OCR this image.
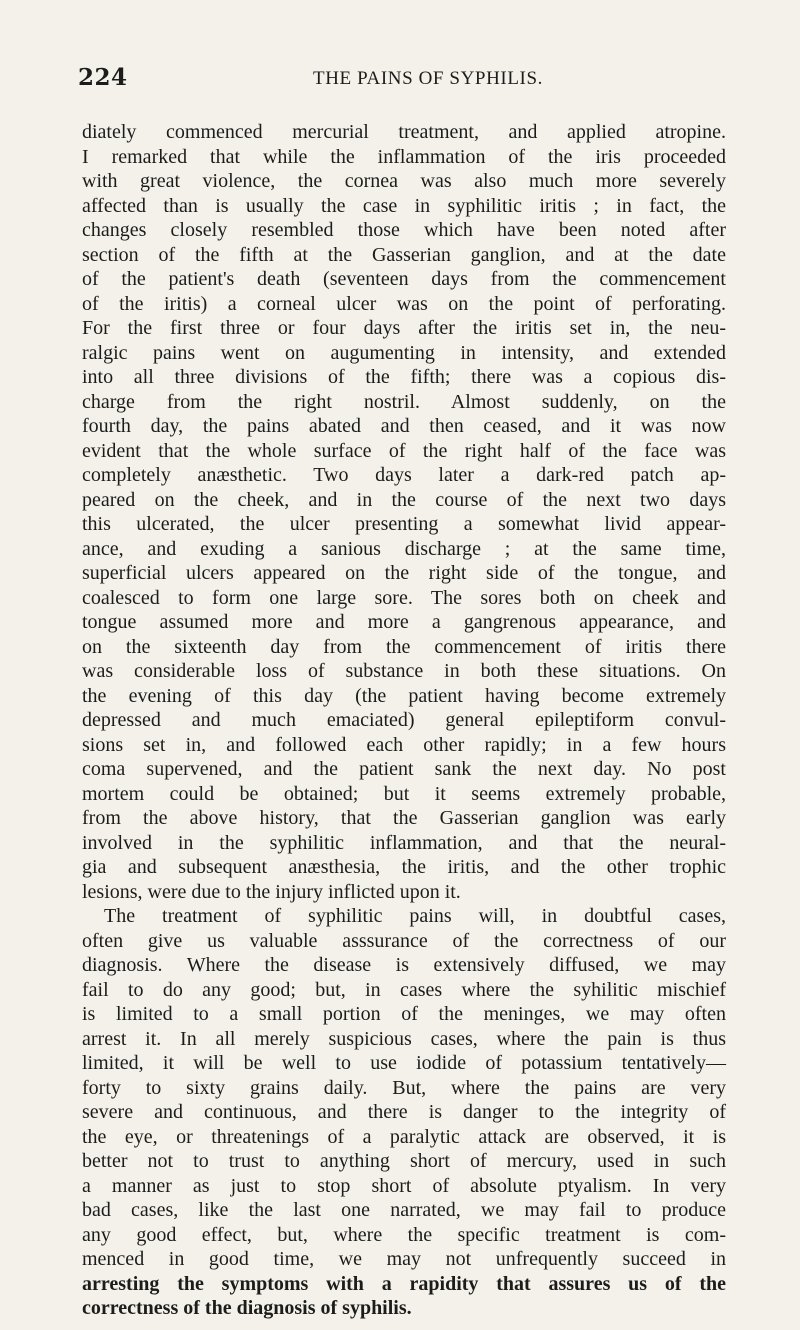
224	THE PAINS OF SYPHILIS.
diately commenced mercurial treatment, and applied atropine.
I remarked that while the inflammation of the iris proceeded
with great violence, the cornea was also much more severely
affected than is usually the case in syphilitic iritis ; in fact, the
changes closely resembled those which have been noted after
section of the fifth at the Gasserian ganglion, and at the date
of the patient's death (seventeen days from the commencement
of the iritis) a corneal ulcer was on the point of perforating.
For the first three or four days after the iritis set in, the neu-
ralgic pains went on augumenting in intensity, and extended
into all three divisions of the fifth; there was a copious dis-
charge from the right nostril. Almost suddenly, on the
fourth day, the pains abated and then ceased, and it was now
evident that the whole surface of the right half of the face was
completely anæsthetic. Two days later a dark-red patch ap-
peared on the cheek, and in the course of the next two days
this ulcerated, the ulcer presenting a somewhat livid appear-
ance, and exuding a sanious discharge ; at the same time,
superficial ulcers appeared on the right side of the tongue, and
coalesced to form one large sore. The sores both on cheek and
tongue assumed more and more a gangrenous appearance, and
on the sixteenth day from the commencement of iritis there
was considerable loss of substance in both these situations. On
the evening of this day (the patient having become extremely
depressed and much emaciated) general epileptiform convul-
sions set in, and followed each other rapidly; in a few hours
coma supervened, and the patient sank the next day. No post
mortem could be obtained; but it seems extremely probable,
from the above history, that the Gasserian ganglion was early
involved in the syphilitic inflammation, and that the neural-
gia and subsequent anæsthesia, the iritis, and the other trophic
lesions, were due to the injury inflicted upon it.
The treatment of syphilitic pains will, in doubtful cases,
often give us valuable asssurance of the correctness of our
diagnosis. Where the disease is extensively diffused, we may
fail to do any good; but, in cases where the syhilitic mischief
is limited to a small portion of the meninges, we may often
arrest it. In all merely suspicious cases, where the pain is thus
limited, it will be well to use iodide of potassium tentatively—
forty to sixty grains daily. But, where the pains are very
severe and continuous, and there is danger to the integrity of
the eye, or threatenings of a paralytic attack are observed, it is
better not to trust to anything short of mercury, used in such
a manner as just to stop short of absolute ptyalism. In very
bad cases, like the last one narrated, we may fail to produce
any good effect, but, where the specific treatment is com-
menced in good time, we may not unfrequently succeed in
arresting the symptoms with a rapidity that assures us of the
correctness of the diagnosis of syphilis.
